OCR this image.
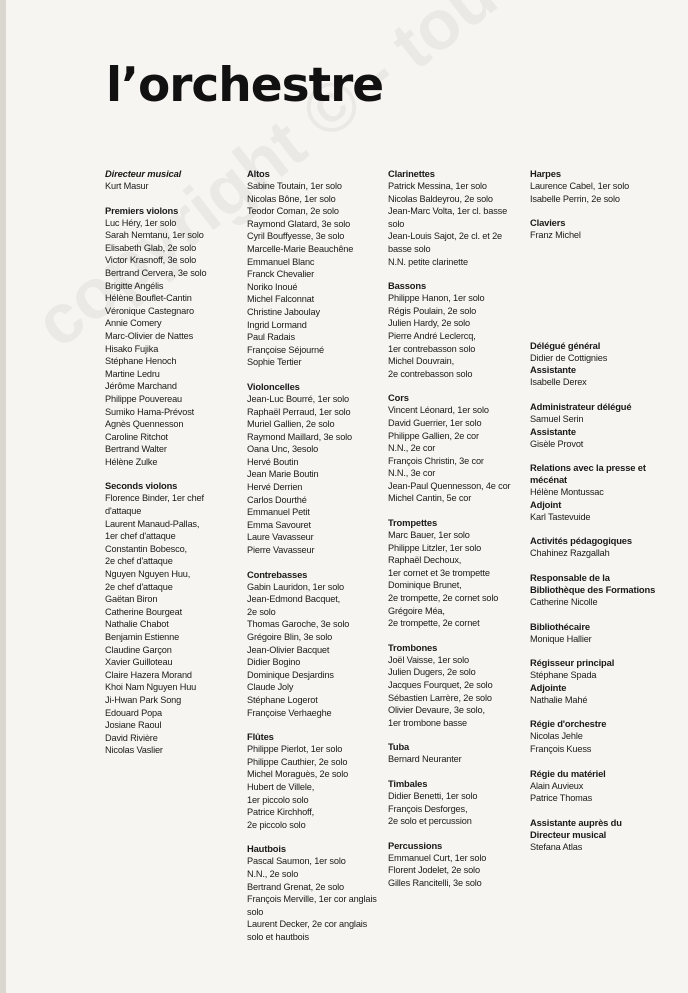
l’orchestre
Directeur musical
Kurt Masur
Premiers violons
Luc Héry, 1er solo
Sarah Nemtanu, 1er solo
Elisabeth Glab, 2e solo
Victor Krasnoff, 3e solo
Bertrand Cervera, 3e solo
Brigitte Angélis
Hélène Bouflet-Cantin
Véronique Castegnaro
Annie Comery
Marc-Olivier de Nattes
Hisako Fujika
Stéphane Henoch
Martine Ledru
Jérôme Marchand
Philippe Pouvereau
Sumiko Hama-Prévost
Agnès Quennesson
Caroline Ritchot
Bertrand Walter
Hélène Zulke
Seconds violons
Florence Binder, 1er chef
d'attaque
Laurent Manaud-Pallas,
1er chef d'attaque
Constantin Bobesco,
2e chef d'attaque
Nguyen Nguyen Huu,
2e chef d'attaque
Gaëtan Biron
Catherine Bourgeat
Nathalie Chabot
Benjamin Estienne
Claudine Garçon
Xavier Guilloteau
Claire Hazera Morand
Khoi Nam Nguyen Huu
Ji-Hwan Park Song
Edouard Popa
Josiane Raoul
David Rivière
Nicolas Vaslier
Altos
Sabine Toutain, 1er solo
Nicolas Bône, 1er solo
Teodor Coman, 2e solo
Raymond Glatard, 3e solo
Cyril Bouffyesse, 3e solo
Marcelle-Marie Beauchêne
Emmanuel Blanc
Franck Chevalier
Noriko Inoué
Michel Falconnat
Christine Jaboulay
Ingrid Lormand
Paul Radais
Françoise Séjourné
Sophie Tertier
Violoncelles
Jean-Luc Bourré, 1er solo
Raphaël Perraud, 1er solo
Muriel Gallien, 2e solo
Raymond Maillard, 3e solo
Oana Unc, 3esolo
Hervé Boutin
Jean Marie Boutin
Hervé Derrien
Carlos Dourthé
Emmanuel Petit
Emma Savouret
Laure Vavasseur
Pierre Vavasseur
Contrebasses
Gabin Lauridon, 1er solo
Jean-Edmond Bacquet,
2e solo
Thomas Garoche, 3e solo
Grégoire Blin, 3e solo
Jean-Olivier Bacquet
Didier Bogino
Dominique Desjardins
Claude Joly
Stéphane Logerot
Françoise Verhaeghe
Flûtes
Philippe Pierlot, 1er solo
Philippe Cauthier, 2e solo
Michel Moraguès, 2e solo
Hubert de Villele,
1er piccolo solo
Patrice Kirchhoff,
2e piccolo solo
Hautbois
Pascal Saumon, 1er solo
N.N., 2e solo
Bertrand Grenat, 2e solo
François Merville, 1er cor anglais
solo
Laurent Decker, 2e cor anglais
solo et hautbois
Clarinettes
Patrick Messina, 1er solo
Nicolas Baldeyrou, 2e solo
Jean-Marc Volta, 1er cl. basse solo
Jean-Louis Sajot, 2e cl. et 2e
basse solo
N.N. petite clarinette
Bassons
Philippe Hanon, 1er solo
Régis Poulain, 2e solo
Julien Hardy, 2e solo
Pierre André Leclercq,
1er contrebasson solo
Michel Douvrain,
2e contrebasson solo
Cors
Vincent Léonard, 1er solo
David Guerrier, 1er solo
Philippe Gallien, 2e cor
N.N., 2e cor
François Christin, 3e cor
N.N., 3e cor
Jean-Paul Quennesson, 4e cor
Michel Cantin, 5e cor
Trompettes
Marc Bauer, 1er solo
Philippe Litzler, 1er solo
Raphaël Dechoux,
1er cornet et 3e trompette
Dominique Brunet,
2e trompette, 2e cornet solo
Grégoire Méa,
2e trompette, 2e cornet
Trombones
Joël Vaisse, 1er solo
Julien Dugers, 2e solo
Jacques Fourquet, 2e solo
Sébastien Larrère, 2e solo
Olivier Devaure, 3e solo,
1er trombone basse
Tuba
Bernard Neuranter
Timbales
Didier Benetti, 1er solo
François Desforges,
2e solo et percussion
Percussions
Emmanuel Curt, 1er solo
Florent Jodelet, 2e solo
Gilles Rancitelli, 3e solo
Harpes
Laurence Cabel, 1er solo
Isabelle Perrin, 2e solo
Claviers
Franz Michel
Délégué général
Didier de Cottignies
Assistante
Isabelle Derex
Administrateur délégué
Samuel Serin
Assistante
Gisèle Provot
Relations avec la presse et mécénat
Hélène Montussac
Adjoint
Karl Tastevuide
Activités pédagogiques
Chahinez Razgallah
Responsable de la Bibliothèque des Formations
Catherine Nicolle
Bibliothécaire
Monique Hallier
Régisseur principal
Stéphane Spada
Adjointe
Nathalie Mahé
Régie d'orchestre
Nicolas Jehle
François Kuess
Régie du matériel
Alain Auvieux
Patrice Thomas
Assistante auprès du Directeur musical
Stefana Atlas
